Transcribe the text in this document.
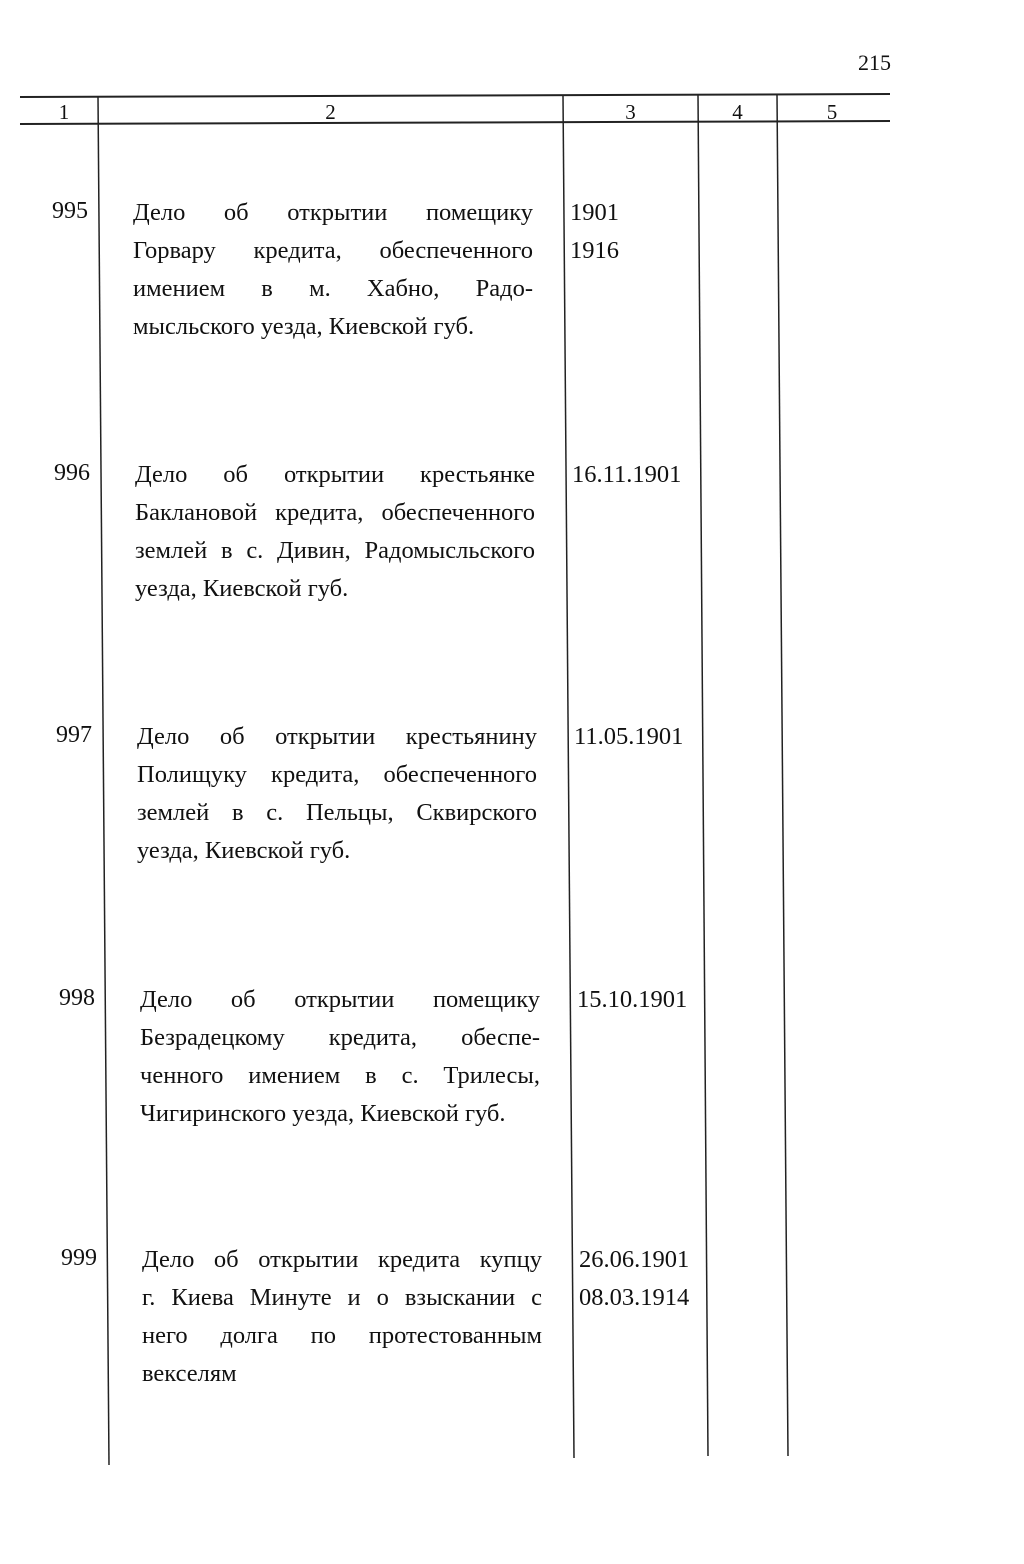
215
1	2	3	4	5
995 Дело об открытии помещику
Горвару кредита, обеспеченного
имением в м. Хабно, Радо-
мысльского уезда, Киевской губ.
1901
1916
996 Дело об открытии крестьянке
Баклановой кредита, обеспеченного
землей в с. Дивин, Радомысльского
уезда, Киевской губ.
16.11.1901
997 Дело об открытии крестьянину
Полищуку кредита, обеспеченного
землей в с. Пельцы, Сквирского
уезда, Киевской губ.
11.05.1901
998 Дело об открытии помещику
Безрадецкому кредита, обеспе-
ченного имением в с. Трилесы,
Чигиринского уезда, Киевской губ.
15.10.1901
999 Дело об открытии кредита купцу
г. Киева Минуте и о взыскании с
него долга по протестованным
векселям
26.06.1901
08.03.1914
